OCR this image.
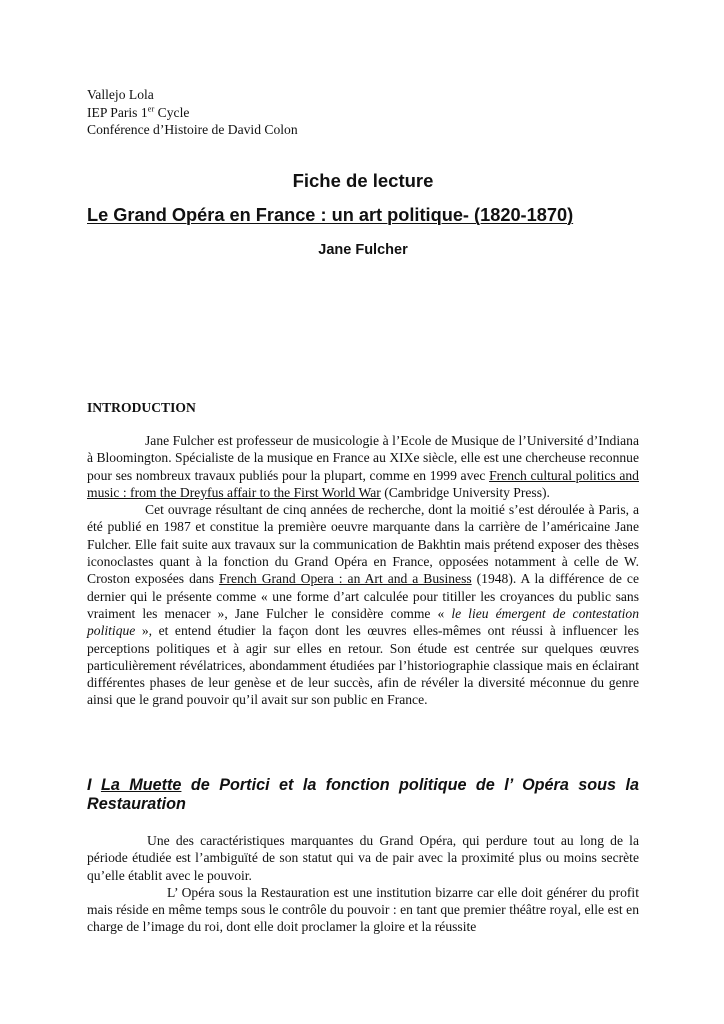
Vallejo Lola
IEP Paris 1er Cycle
Conférence d’Histoire de David Colon
Fiche de lecture
Le Grand Opéra en France : un art politique- (1820-1870)
Jane Fulcher
INTRODUCTION

Jane Fulcher est professeur de musicologie à l’Ecole de Musique de l’Université d’Indiana à Bloomington. Spécialiste de la musique en France au XIXe siècle, elle est une chercheuse reconnue pour ses nombreux travaux publiés pour la plupart, comme en 1999 avec French cultural politics and music : from the Dreyfus affair to the First World War (Cambridge University Press).

Cet ouvrage résultant de cinq années de recherche, dont la moitié s’est déroulée à Paris, a été publié en 1987 et constitue la première oeuvre marquante dans la carrière de l’américaine Jane Fulcher. Elle fait suite aux travaux sur la communication de Bakhtin mais prétend exposer des thèses iconoclastes quant à la fonction du Grand Opéra en France, opposées notamment à celle de W. Croston exposées dans French Grand Opera : an Art and a Business (1948). A la différence de ce dernier qui le présente comme « une forme d’art calculée pour titiller les croyances du public sans vraiment les menacer », Jane Fulcher le considère comme « le lieu émergent de contestation politique », et entend étudier la façon dont les œuvres elles-mêmes ont réussi à influencer les perceptions politiques et à agir sur elles en retour. Son étude est centrée sur quelques œuvres particulièrement révélatrices, abondamment étudiées par l’historiographie classique mais en éclairant différentes phases de leur genèse et de leur succès, afin de révéler la diversité méconnue du genre ainsi que le grand pouvoir qu’il avait sur son public en France.

I La Muette de Portici et la fonction politique de l’ Opéra sous la Restauration

Une des caractéristiques marquantes du Grand Opéra, qui perdure tout au long de la période étudiée est l’ambiguïté de son statut qui va de pair avec la proximité plus ou moins secrète qu’elle établit avec le pouvoir.

L’ Opéra sous la Restauration est une institution bizarre car elle doit générer du profit mais réside en même temps sous le contrôle du pouvoir : en tant que premier théâtre royal, elle est en charge de l’image du roi, dont elle doit proclamer la gloire et la réussite
